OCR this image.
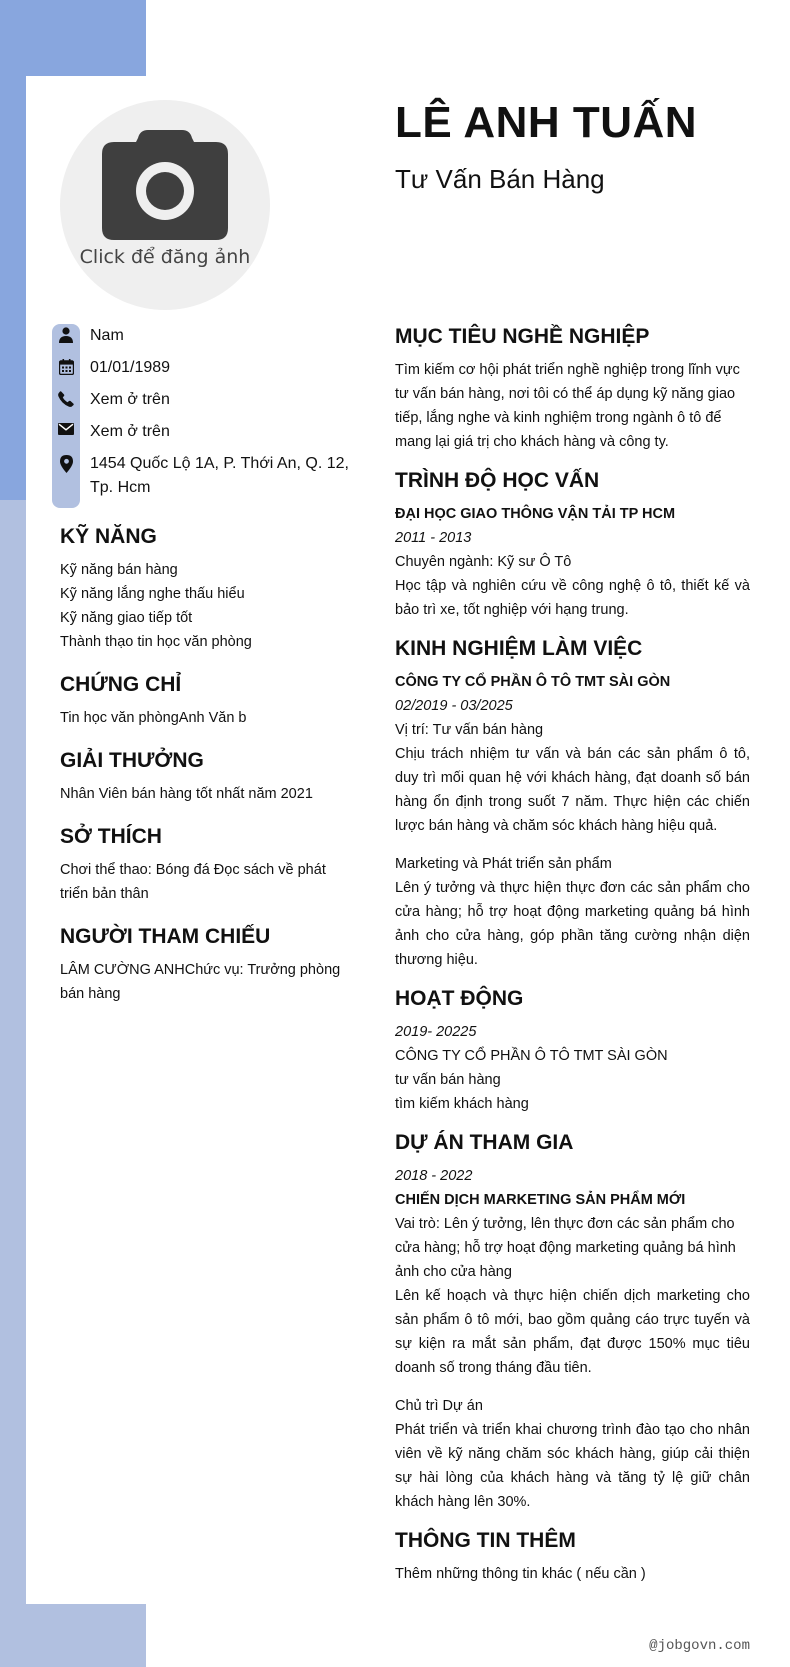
Click để đăng ảnh
LÊ ANH TUẤN
Tư Vấn Bán Hàng
Nam
01/01/1989
Xem ở trên
Xem ở trên
1454 Quốc Lộ 1A, P. Thới An, Q. 12, Tp. Hcm
KỸ NĂNG
Kỹ năng bán hàng
Kỹ năng lắng nghe thấu hiểu
Kỹ năng giao tiếp tốt
Thành thạo tin học văn phòng
CHỨNG CHỈ
Tin học văn phòngAnh Văn b
GIẢI THƯỞNG
Nhân Viên bán hàng tốt nhất năm 2021
SỞ THÍCH
Chơi thể thao: Bóng đá Đọc sách về phát triển bản thân
NGƯỜI THAM CHIẾU
LÂM CƯỜNG ANHChức vụ: Trưởng phòng bán hàng
MỤC TIÊU NGHỀ NGHIỆP
Tìm kiếm cơ hội phát triển nghề nghiệp trong lĩnh vực tư vấn bán hàng, nơi tôi có thể áp dụng kỹ năng giao tiếp, lắng nghe và kinh nghiệm trong ngành ô tô để mang lại giá trị cho khách hàng và công ty.
TRÌNH ĐỘ HỌC VẤN
ĐẠI HỌC GIAO THÔNG VẬN TẢI TP HCM
2011 - 2013
Chuyên ngành: Kỹ sư Ô Tô
Học tập và nghiên cứu về công nghệ ô tô, thiết kế và bảo trì xe, tốt nghiệp với hạng trung.
KINH NGHIỆM LÀM VIỆC
CÔNG TY CỔ PHẦN Ô TÔ TMT SÀI GÒN
02/2019 - 03/2025
Vị trí: Tư vấn bán hàng
Chịu trách nhiệm tư vấn và bán các sản phẩm ô tô, duy trì mối quan hệ với khách hàng, đạt doanh số bán hàng ổn định trong suốt 7 năm. Thực hiện các chiến lược bán hàng và chăm sóc khách hàng hiệu quả.
Marketing và Phát triển sản phẩm
Lên ý tưởng và thực hiện thực đơn các sản phẩm cho cửa hàng; hỗ trợ hoạt động marketing quảng bá hình ảnh cho cửa hàng, góp phần tăng cường nhận diện thương hiệu.
HOẠT ĐỘNG
2019- 20225
CÔNG TY CỔ PHẦN Ô TÔ TMT SÀI GÒN
tư vấn bán hàng
tìm kiếm khách hàng
DỰ ÁN THAM GIA
2018 - 2022
CHIẾN DỊCH MARKETING SẢN PHẨM MỚI
Vai trò: Lên ý tưởng, lên thực đơn các sản phẩm cho cửa hàng; hỗ trợ hoạt động marketing quảng bá hình ảnh cho cửa hàng
Lên kế hoạch và thực hiện chiến dịch marketing cho sản phẩm ô tô mới, bao gồm quảng cáo trực tuyến và sự kiện ra mắt sản phẩm, đạt được 150% mục tiêu doanh số trong tháng đầu tiên.
Chủ trì Dự án
Phát triển và triển khai chương trình đào tạo cho nhân viên về kỹ năng chăm sóc khách hàng, giúp cải thiện sự hài lòng của khách hàng và tăng tỷ lệ giữ chân khách hàng lên 30%.
THÔNG TIN THÊM
Thêm những thông tin khác ( nếu cần )
@jobgovn.com
